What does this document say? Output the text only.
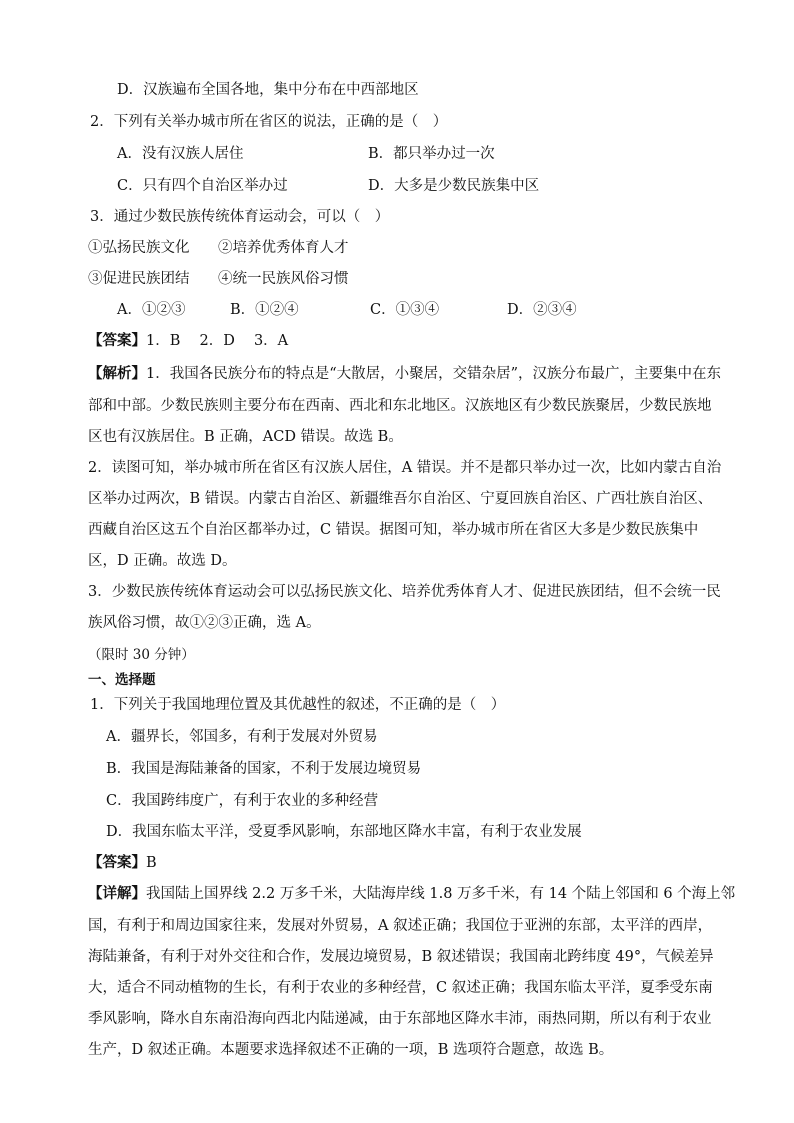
D．汉族遍布全国各地，集中分布在中西部地区
2．下列有关举办城市所在省区的说法，正确的是（　）
A．没有汉族人居住	B．都只举办过一次
C．只有四个自治区举办过	D．大多是少数民族集中区
3．通过少数民族传统体育运动会，可以（　）
①弘扬民族文化 ②培养优秀体育人才
③促进民族团结 ④统一民族风俗习惯
A．①②③	B．①②④	C．①③④	D．②③④
【答案】1．B　 2．D　 3．A
【解析】1．我国各民族分布的特点是“大散居，小聚居，交错杂居”，汉族分布最广，主要集中在东
部和中部。少数民族则主要分布在西南、西北和东北地区。汉族地区有少数民族聚居，少数民族地
区也有汉族居住。B 正确，ACD 错误。故选 B。
2．读图可知，举办城市所在省区有汉族人居住，A 错误。并不是都只举办过一次，比如内蒙古自治
区举办过两次，B 错误。内蒙古自治区、新疆维吾尔自治区、宁夏回族自治区、广西壮族自治区、
西藏自治区这五个自治区都举办过，C 错误。据图可知，举办城市所在省区大多是少数民族集中
区，D 正确。故选 D。
3．少数民族传统体育运动会可以弘扬民族文化、培养优秀体育人才、促进民族团结，但不会统一民
族风俗习惯，故①②③正确，选 A。
（限时 30 分钟）
一、选择题
1．下列关于我国地理位置及其优越性的叙述，不正确的是（　）
A．疆界长，邻国多，有利于发展对外贸易
B．我国是海陆兼备的国家，不利于发展边境贸易
C．我国跨纬度广，有利于农业的多种经营
D．我国东临太平洋，受夏季风影响，东部地区降水丰富，有利于农业发展
【答案】B
【详解】我国陆上国界线 2.2 万多千米，大陆海岸线 1.8 万多千米，有 14 个陆上邻国和 6 个海上邻
国，有利于和周边国家往来，发展对外贸易，A 叙述正确；我国位于亚洲的东部，太平洋的西岸，
海陆兼备，有利于对外交往和合作，发展边境贸易，B 叙述错误；我国南北跨纬度 49°，气候差异
大，适合不同动植物的生长，有利于农业的多种经营，C 叙述正确；我国东临太平洋，夏季受东南
季风影响，降水自东南沿海向西北内陆递减，由于东部地区降水丰沛，雨热同期，所以有利于农业
生产，D 叙述正确。本题要求选择叙述不正确的一项，B 选项符合题意，故选 B。
